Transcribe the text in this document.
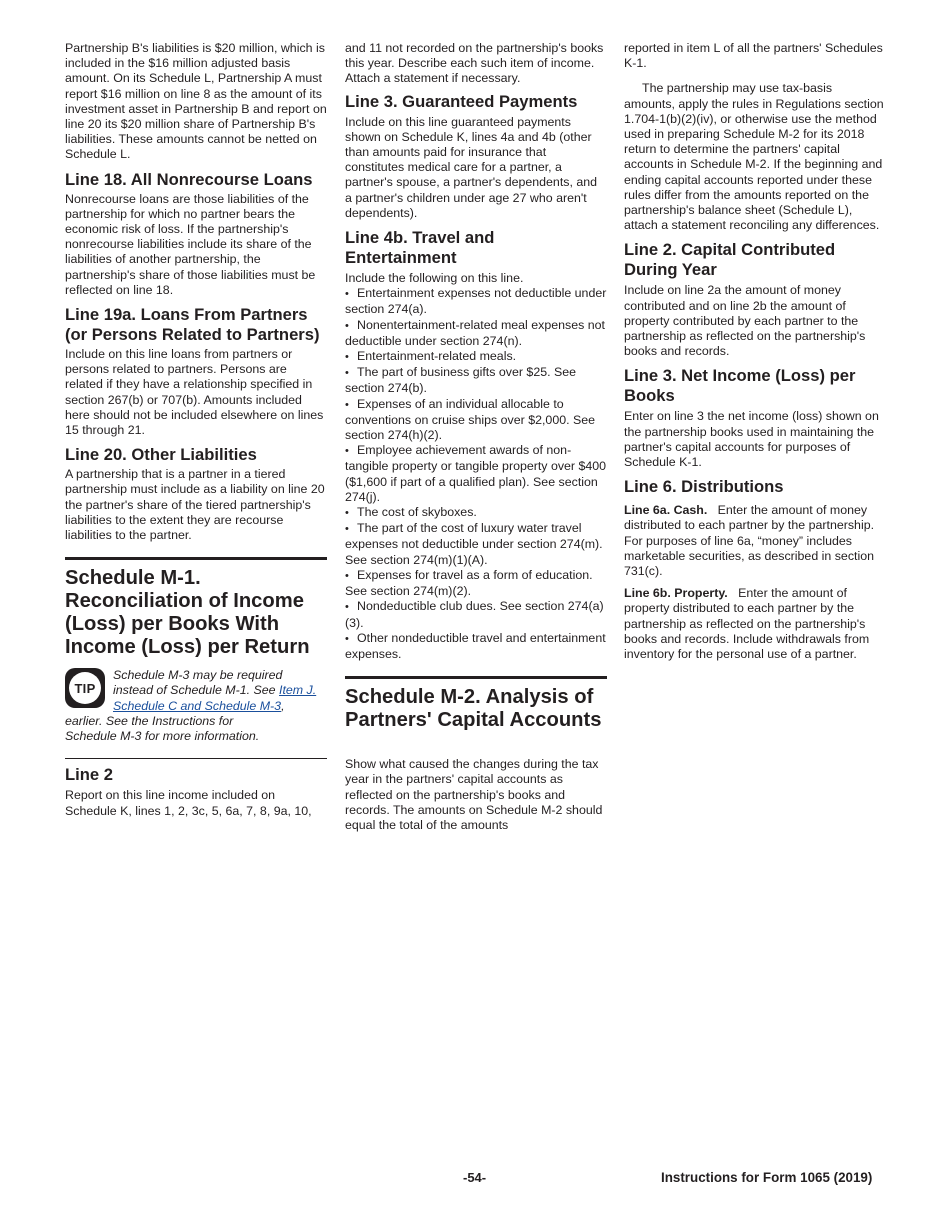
Partnership B's liabilities is $20 million, which is included in the $16 million adjusted basis amount. On its Schedule L, Partnership A must report $16 million on line 8 as the amount of its investment asset in Partnership B and report on line 20 its $20 million share of Partnership B's liabilities. These amounts cannot be netted on Schedule L.

Line 18. All Nonrecourse Loans

Nonrecourse loans are those liabilities of the partnership for which no partner bears the economic risk of loss. If the partnership's nonrecourse liabilities include its share of the liabilities of another partnership, the partnership's share of those liabilities must be reflected on line 18.

Line 19a. Loans From Partners (or Persons Related to Partners)

Include on this line loans from partners or persons related to partners. Persons are related if they have a relationship specified in section 267(b) or 707(b). Amounts included here should not be included elsewhere on lines 15 through 21.

Line 20. Other Liabilities

A partnership that is a partner in a tiered partnership must include as a liability on line 20 the partner's share of the tiered partnership's liabilities to the extent they are recourse liabilities to the partner.

Schedule M-1. Reconciliation of Income (Loss) per Books With Income (Loss) per Return
TIP

Schedule M-3 may be required

instead of Schedule M-1. See Item J.

Schedule C and Schedule M-3,

earlier. See the Instructions for

Schedule M-3 for more information.

Line 2

Report on this line income included on Schedule K, lines 1, 2, 3c, 5, 6a, 7, 8, 9a, 10,

and 11 not recorded on the partnership's books this year. Describe each such item of income. Attach a statement if necessary.

Line 3. Guaranteed Payments

Include on this line guaranteed payments shown on Schedule K, lines 4a and 4b (other than amounts paid for insurance that constitutes medical care for a partner, a partner's spouse, a partner's dependents, and a partner's children under age 27 who aren't dependents).

Line 4b. Travel and Entertainment

Include the following on this line.

• Entertainment expenses not deductible under section 274(a).

• Nonentertainment-related meal expenses not deductible under section 274(n).

• Entertainment-related meals.

• The part of business gifts over $25. See section 274(b).

• Expenses of an individual allocable to conventions on cruise ships over $2,000. See section 274(h)(2).

• Employee achievement awards of non-tangible property or tangible property over $400 ($1,600 if part of a qualified plan). See section 274(j).

• The cost of skyboxes.

• The part of the cost of luxury water travel expenses not deductible under section 274(m). See section 274(m)(1)(A).

• Expenses for travel as a form of education. See section 274(m)(2).

• Nondeductible club dues. See section 274(a)(3).

• Other nondeductible travel and entertainment expenses.

Schedule M-2. Analysis of Partners' Capital Accounts

Show what caused the changes during the tax year in the partners' capital accounts as reflected on the partnership's books and records. The amounts on Schedule M-2 should equal the total of the amounts

reported in item L of all the partners' Schedules K-1.

The partnership may use tax-basis amounts, apply the rules in Regulations section 1.704-1(b)(2)(iv), or otherwise use the method used in preparing Schedule M-2 for its 2018 return to determine the partners' capital accounts in Schedule M-2. If the beginning and ending capital accounts reported under these rules differ from the amounts reported on the partnership's balance sheet (Schedule L), attach a statement reconciling any differences.

Line 2. Capital Contributed During Year

Include on line 2a the amount of money contributed and on line 2b the amount of property contributed by each partner to the partnership as reflected on the partnership's books and records.

Line 3. Net Income (Loss) per Books

Enter on line 3 the net income (loss) shown on the partnership books used in maintaining the partner's capital accounts for purposes of Schedule K-1.

Line 6. Distributions

Line 6a. Cash. Enter the amount of money distributed to each partner by the partnership. For purposes of line 6a, “money” includes marketable securities, as described in section 731(c).

Line 6b. Property. Enter the amount of property distributed to each partner by the partnership as reflected on the partnership's books and records. Include withdrawals from inventory for the personal use of a partner.

-54-	Instructions for Form 1065 (2019)
